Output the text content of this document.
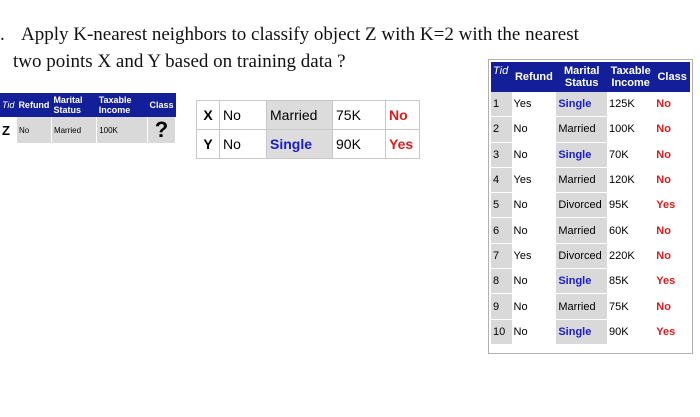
. Apply K-nearest neighbors to classify object Z with K=2 with the nearest
two points X and Y based on training data ?
Tid	Refund	Marital Status	Taxable Income	Class
Z	No	Married	100K	?
X	No	Married	75K	No
Y	No	Single	90K	Yes
Tid	Refund	Marital Status	Taxable Income	Class
1	Yes	Single	125K	No
2	No	Married	100K	No
3	No	Single	70K	No
4	Yes	Married	120K	No
5	No	Divorced	95K	Yes
6	No	Married	60K	No
7	Yes	Divorced	220K	No
8	No	Single	85K	Yes
9	No	Married	75K	No
10	No	Single	90K	Yes
